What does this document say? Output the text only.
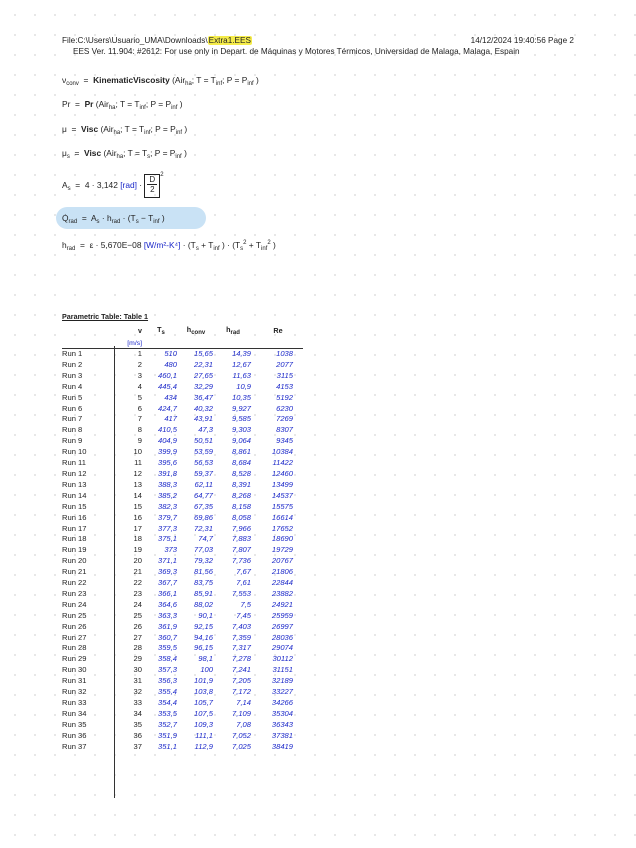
File:C:\Users\Usuario_UMA\Downloads\Extra1.EES
EES Ver. 11.904: #2612: For use only in Depart. de Máquinas y Motores Térmicos, Universidad de Malaga, Malaga, Espain
14/12/2024 19:40:56 Page 2
$\nu_{conv}$ = KinematicViscosity (Air$_{ha}$; $T = T_{inf}$; $P = P_{inf}$ )
Pr = Pr (Air$_{ha}$; $T = T_{inf}$; $P = P_{inf}$ )
μ = Visc (Air$_{ha}$; $T = T_{inf}$; $P = P_{inf}$ )
$\mu_s$ = Visc (Air$_{ha}$; $T = T_s$; $P = P_{inf}$ )
$A_s = 4 \cdot 3,142$ $[rad] \cdot \frac{D}{2} ^2$
$Q̇_{rad} = A_s \cdot h_{rad} \cdot (T_s - T_{inf}$ )
$h_{rad} = \varepsilon \cdot 5,670E-08$ $[W/m^2-K^4] \cdot (T_s + T_{inf}$ ) · ($T_s^2 + T_{inf}^2$ )
Parametric Table: Table 1
	v	$T_s$	$h_{conv}$	$h_{rad}$	Re
	[m/s]				
Run 1	1	510	15,65	14,39	1038
Run 2	2	480	22,31	12,67	2077
Run 3	3	460,1	27,65	11,63	3115
Run 4	4	445,4	32,29	10,9	4153
Run 5	5	434	36,47	10,35	5192
Run 6	6	424,7	40,32	9,927	6230
Run 7	7	417	43,91	9,585	7269
Run 8	8	410,5	47,3	9,303	8307
Run 9	9	404,9	50,51	9,064	9345
Run 10	10	399,9	53,59	8,861	10384
Run 11	11	395,6	56,53	8,684	11422
Run 12	12	391,8	59,37	8,528	12460
Run 13	13	388,3	62,11	8,391	13499
Run 14	14	385,2	64,77	8,268	14537
Run 15	15	382,3	67,35	8,158	15575
Run 16	16	379,7	69,86	8,058	16614
Run 17	17	377,3	72,31	7,966	17652
Run 18	18	375,1	74,7	7,883	18690
Run 19	19	373	77,03	7,807	19729
Run 20	20	371,1	79,32	7,736	20767
Run 21	21	369,3	81,56	7,67	21806
Run 22	22	367,7	83,75	7,61	22844
Run 23	23	366,1	85,91	7,553	23882
Run 24	24	364,6	88,02	7,5	24921
Run 25	25	363,3	90,1	7,45	25959
Run 26	26	361,9	92,15	7,403	26997
Run 27	27	360,7	94,16	7,359	28036
Run 28	28	359,5	96,15	7,317	29074
Run 29	29	358,4	98,1	7,278	30112
Run 30	30	357,3	100	7,241	31151
Run 31	31	356,3	101,9	7,205	32189
Run 32	32	355,4	103,8	7,172	33227
Run 33	33	354,4	105,7	7,14	34266
Run 34	34	353,5	107,5	7,109	35304
Run 35	35	352,7	109,3	7,08	36343
Run 36	36	351,9	111,1	7,052	37381
Run 37	37	351,1	112,9	7,025	38419
